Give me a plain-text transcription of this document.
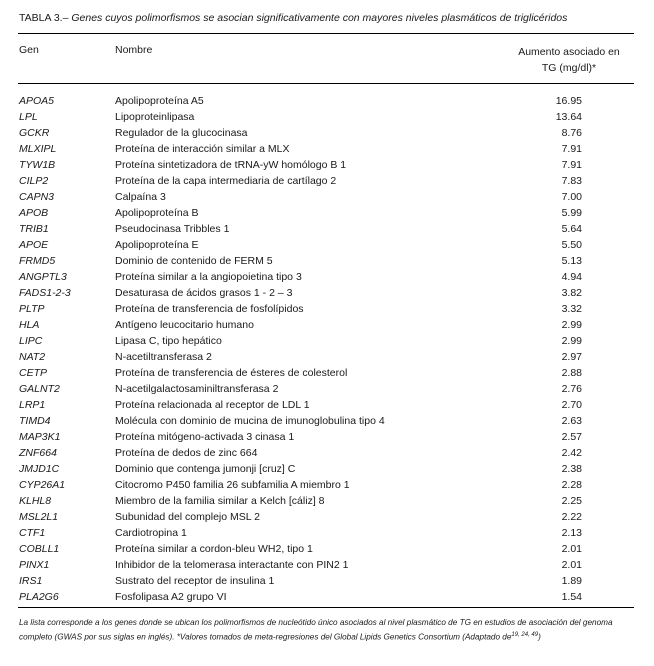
TABLA 3.– Genes cuyos polimorfismos se asocian significativamente con mayores niveles plasmáticos de triglicéridos
Gen	Nombre	Aumento asociado en
TG (mg/dl)*
APOA5	Apolipoproteína A5	16.95
LPL	Lipoproteinlipasa	13.64
GCKR	Regulador de la glucocinasa	8.76
MLXIPL	Proteína de interacción similar a MLX	7.91
TYW1B	Proteína sintetizadora de tRNA-yW homólogo B 1	7.91
CILP2	Proteína de la capa intermediaria de cartílago 2	7.83
CAPN3	Calpaína 3	7.00
APOB	Apolipoproteína B	5.99
TRIB1	Pseudocinasa Tribbles 1	5.64
APOE	Apolipoproteína E	5.50
FRMD5	Dominio de contenido de FERM 5	5.13
ANGPTL3	Proteína similar a la angiopoietina tipo 3	4.94
FADS1-2-3	Desaturasa de ácidos grasos 1 - 2 – 3	3.82
PLTP	Proteína de transferencia de fosfolípidos	3.32
HLA	Antígeno leucocitario humano	2.99
LIPC	Lipasa C, tipo hepático	2.99
NAT2	N-acetiltransferasa 2	2.97
CETP	Proteína de transferencia de ésteres de colesterol	2.88
GALNT2	N-acetilgalactosaminiltransferasa 2	2.76
LRP1	Proteína relacionada al receptor de LDL 1	2.70
TIMD4	Molécula con dominio de mucina de imunoglobulina tipo 4	2.63
MAP3K1	Proteína mitógeno-activada 3 cinasa 1	2.57
ZNF664	Proteína de dedos de zinc 664	2.42
JMJD1C	Dominio que contenga jumonji [cruz] C	2.38
CYP26A1	Citocromo P450 familia 26 subfamilia A miembro 1	2.28
KLHL8	Miembro de la familia similar a Kelch [cáliz] 8	2.25
MSL2L1	Subunidad del complejo MSL 2	2.22
CTF1	Cardiotropina 1	2.13
COBLL1	Proteína similar a cordon-bleu WH2, tipo 1	2.01
PINX1	Inhibidor de la telomerasa interactante con PIN2 1	2.01
IRS1	Sustrato del receptor de insulina 1	1.89
PLA2G6	Fosfolipasa A2 grupo VI	1.54
La lista corresponde a los genes donde se ubican los polimorfismos de nucleótido único asociados al nivel plasmático de TG en estudios de asociación del genoma completo (GWAS por sus siglas en inglés). *Valores tomados de meta-regresiones del Global Lipids Genetics Consortium (Adaptado de$^{19, 24, 49}$)
